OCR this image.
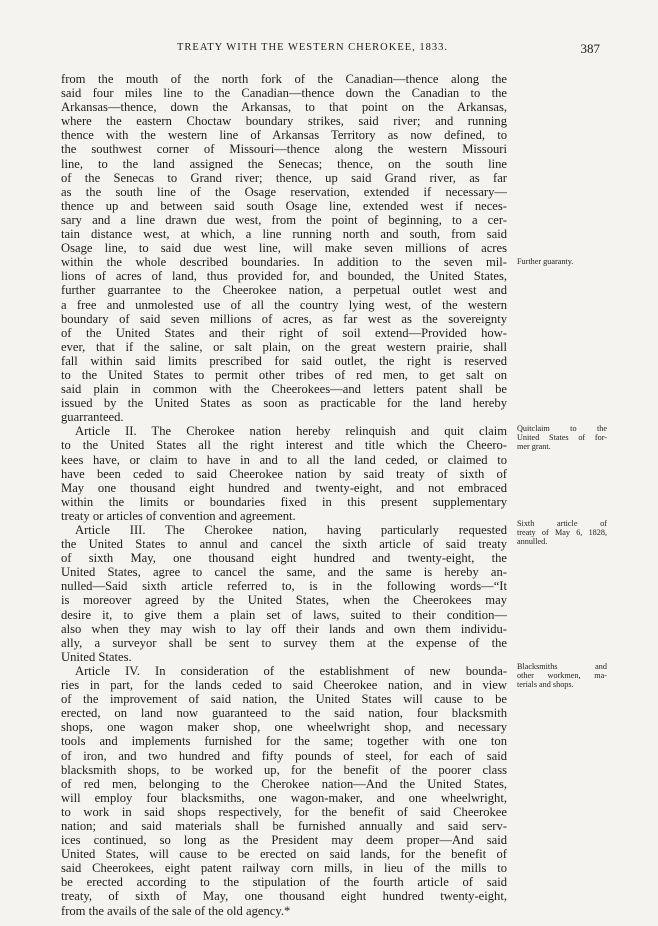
TREATY WITH THE WESTERN CHEROKEE, 1833.	387
from the mouth of the north fork of the Canadian—thence along the
said four miles line to the Canadian—thence down the Canadian to the
Arkansas—thence, down the Arkansas, to that point on the Arkansas,
where the eastern Choctaw boundary strikes, said river; and running
thence with the western line of Arkansas Territory as now defined, to
the southwest corner of Missouri—thence along the western Missouri
line, to the land assigned the Senecas; thence, on the south line
of the Senecas to Grand river; thence, up said Grand river, as far
as the south line of the Osage reservation, extended if necessary—
thence up and between said south Osage line, extended west if neces-
sary and a line drawn due west, from the point of beginning, to a cer-
tain distance west, at which, a line running north and south, from said
Osage line, to said due west line, will make seven millions of acres
within the whole described boundaries. In addition to the seven mil-
lions of acres of land, thus provided for, and bounded, the United States,
further guarrantee to the Cheerokee nation, a perpetual outlet west and
a free and unmolested use of all the country lying west, of the western
boundary of said seven millions of acres, as far west as the sovereignty
of the United States and their right of soil extend—Provided how-
ever, that if the saline, or salt plain, on the great western prairie, shall
fall within said limits prescribed for said outlet, the right is reserved
to the United States to permit other tribes of red men, to get salt on
said plain in common with the Cheerokees—and letters patent shall be
issued by the United States as soon as practicable for the land hereby
guarranteed.
Article II. The Cherokee nation hereby relinquish and quit claim
to the United States all the right interest and title which the Cheero-
kees have, or claim to have in and to all the land ceded, or claimed to
have been ceded to said Cheerokee nation by said treaty of sixth of
May one thousand eight hundred and twenty-eight, and not embraced
within the limits or boundaries fixed in this present supplementary
treaty or articles of convention and agreement.
Article III. The Cherokee nation, having particularly requested
the United States to annul and cancel the sixth article of said treaty
of sixth May, one thousand eight hundred and twenty-eight, the
United States, agree to cancel the same, and the same is hereby an-
nulled—Said sixth article referred to, is in the following words—“It
is moreover agreed by the United States, when the Cheerokees may
desire it, to give them a plain set of laws, suited to their condition—
also when they may wish to lay off their lands and own them individu-
ally, a surveyor shall be sent to survey them at the expense of the
United States.
Article IV. In consideration of the establishment of new bounda-
ries in part, for the lands ceded to said Cheerokee nation, and in view
of the improvement of said nation, the United States will cause to be
erected, on land now guaranteed to the said nation, four blacksmith
shops, one wagon maker shop, one wheelwright shop, and necessary
tools and implements furnished for the same; together with one ton
of iron, and two hundred and fifty pounds of steel, for each of said
blacksmith shops, to be worked up, for the benefit of the poorer class
of red men, belonging to the Cherokee nation—And the United States,
will employ four blacksmiths, one wagon-maker, and one wheelwright,
to work in said shops respectively, for the benefit of said Cheerokee
nation; and said materials shall be furnished annually and said serv-
ices continued, so long as the President may deem proper—And said
United States, will cause to be erected on said lands, for the benefit of
said Cheerokees, eight patent railway corn mills, in lieu of the mills to
be erected according to the stipulation of the fourth article of said
treaty, of sixth of May, one thousand eight hundred twenty-eight,
from the avails of the sale of the old agency.*
Further guaranty.
Quitclaim to the
United States of for-
mer grant.
Sixth article of
treaty of May 6, 1828,
annulled.
Blacksmiths and
other workmen, ma-
terials and shops.
